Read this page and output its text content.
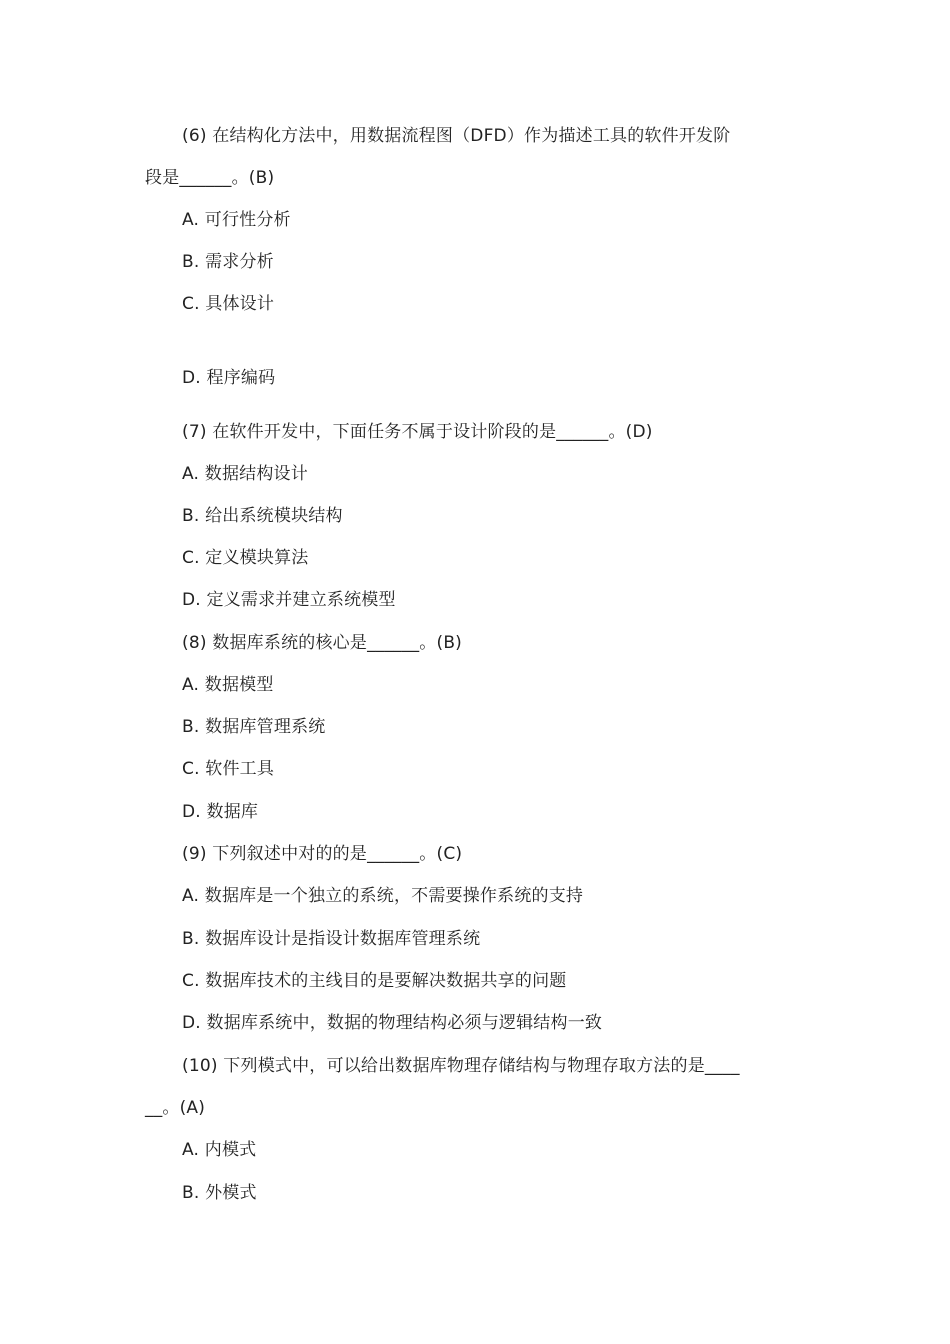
(6) 在结构化方法中，用数据流程图（DFD）作为描述工具的软件开发阶
段是______。(B)
A. 可行性分析
B. 需求分析
C. 具体设计
D. 程序编码
(7) 在软件开发中，下面任务不属于设计阶段的是______。(D)
A. 数据结构设计
B. 给出系统模块结构
C. 定义模块算法
D. 定义需求并建立系统模型
(8) 数据库系统的核心是______。(B)
A. 数据模型
B. 数据库管理系统
C. 软件工具
D. 数据库
(9) 下列叙述中对的的是______。(C)
A. 数据库是一个独立的系统，不需要操作系统的支持
B. 数据库设计是指设计数据库管理系统
C. 数据库技术的主线目的是要解决数据共享的问题
D. 数据库系统中，数据的物理结构必须与逻辑结构一致
(10) 下列模式中，可以给出数据库物理存储结构与物理存取方法的是____
__。(A)
A. 内模式
B. 外模式
